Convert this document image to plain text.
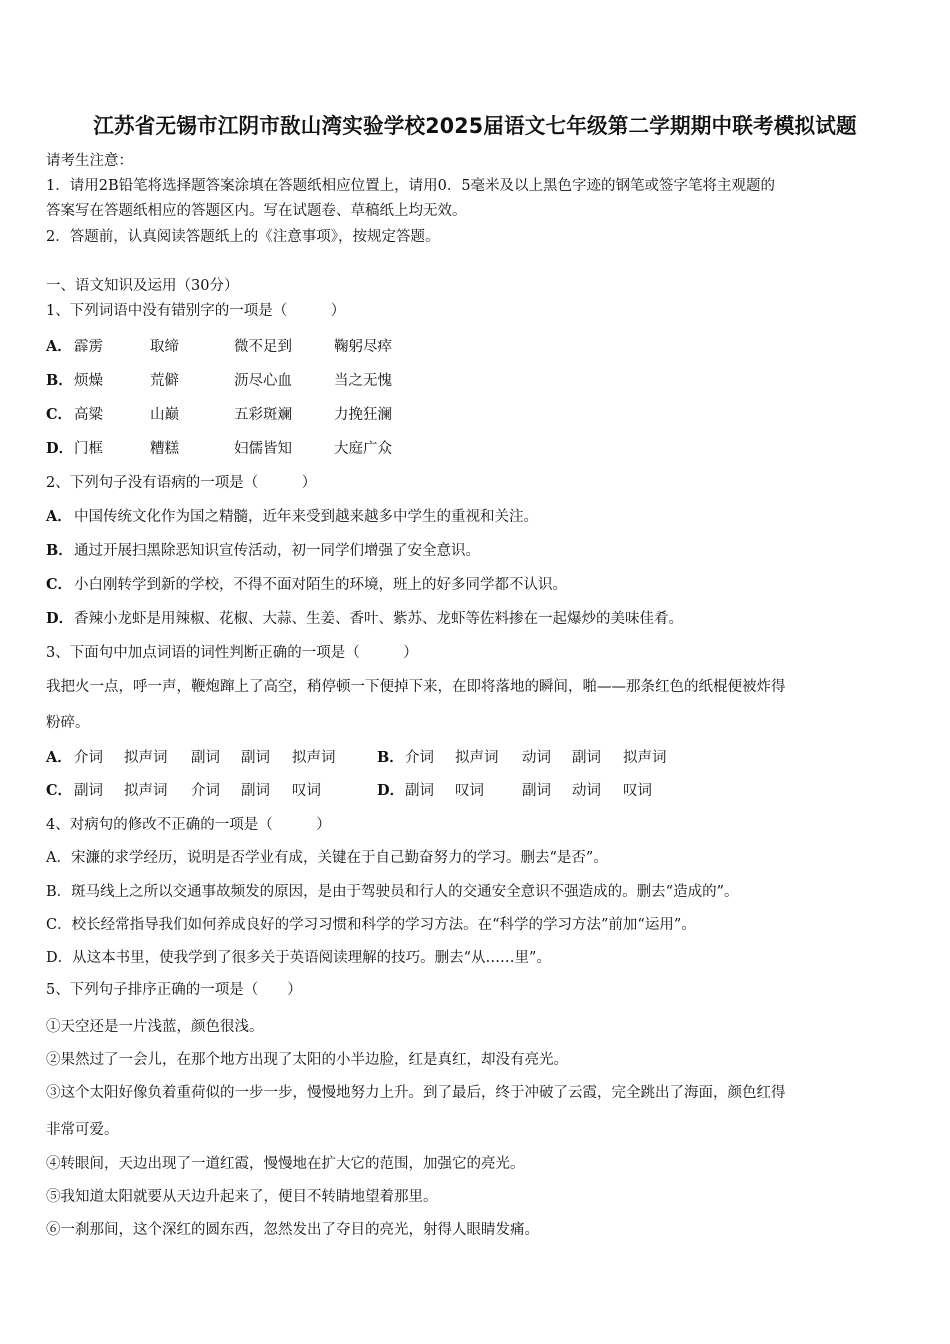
江苏省无锡市江阴市敔山湾实验学校2025届语文七年级第二学期期中联考模拟试题
请考生注意：
1．请用2B铅笔将选择题答案涂填在答题纸相应位置上，请用0．5毫米及以上黑色字迹的钢笔或签字笔将主观题的
答案写在答题纸相应的答题区内。写在试题卷、草稿纸上均无效。
2．答题前，认真阅读答题纸上的《注意事项》，按规定答题。
一、语文知识及运用（30分）
1、下列词语中没有错别字的一项是（　　　）
A． 霹雳	取缔	微不足到	鞠躬尽瘁
B． 烦燥	荒僻	沥尽心血	当之无愧
C． 高粱	山巅	五彩斑斓	力挽狂澜
D． 门框	糟糕	妇儒皆知	大庭广众
2、下列句子没有语病的一项是（　　　）
A． 中国传统文化作为国之精髓，近年来受到越来越多中学生的重视和关注。
B． 通过开展扫黑除恶知识宣传活动，初一同学们增强了安全意识。
C． 小白刚转学到新的学校，不得不面对陌生的环境，班上的好多同学都不认识。
D． 香辣小龙虾是用辣椒、花椒、大蒜、生姜、香叶、紫苏、龙虾等佐料掺在一起爆炒的美味佳肴。
3、下面句中加点词语的词性判断正确的一项是（　　　）
我把火一点，呼一声，鞭炮蹿上了高空，稍停顿一下便掉下来，在即将落地的瞬间，啪——那条红色的纸棍便被炸得
粉碎。
A． 介词 拟声词 副词 副词 拟声词	B． 介词 拟声词 动词 副词 拟声词
C． 副词 拟声词 介词 副词 叹词	D． 副词 叹词	副词 动词 叹词
4、对病句的修改不正确的一项是（　　　）
A．宋濂的求学经历，说明是否学业有成，关键在于自己勤奋努力的学习。删去“是否”。
B．斑马线上之所以交通事故频发的原因，是由于驾驶员和行人的交通安全意识不强造成的。删去“造成的”。
C．校长经常指导我们如何养成良好的学习习惯和科学的学习方法。在“科学的学习方法”前加“运用”。
D．从这本书里，使我学到了很多关于英语阅读理解的技巧。删去“从……里”。
5、下列句子排序正确的一项是（　　）
①天空还是一片浅蓝，颜色很浅。
②果然过了一会儿，在那个地方出现了太阳的小半边脸，红是真红，却没有亮光。
③这个太阳好像负着重荷似的一步一步，慢慢地努力上升。到了最后，终于冲破了云霞，完全跳出了海面，颜色红得
非常可爱。
④转眼间，天边出现了一道红霞，慢慢地在扩大它的范围，加强它的亮光。
⑤我知道太阳就要从天边升起来了，便目不转睛地望着那里。
⑥一刹那间，这个深红的圆东西，忽然发出了夺目的亮光，射得人眼睛发痛。
